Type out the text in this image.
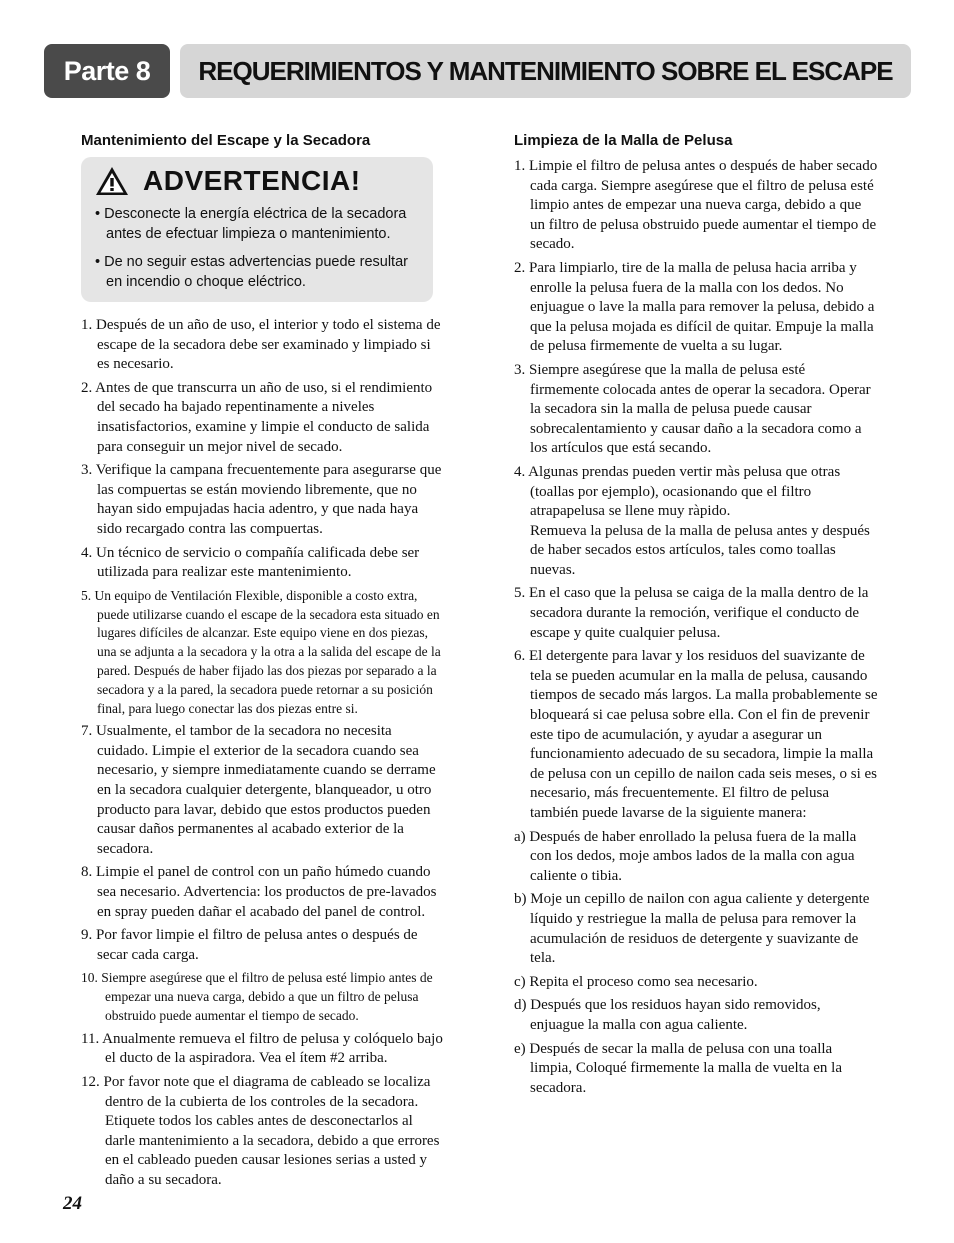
Parte 8	REQUERIMIENTOS Y MANTENIMIENTO SOBRE EL ESCAPE
Mantenimiento del Escape y la Secadora
ADVERTENCIA!
• Desconecte la energía eléctrica de la secadora antes de efectuar limpieza o mantenimiento.
• De no seguir estas advertencias puede resultar en incendio o choque eléctrico.
1. Después de un año de uso, el interior y todo el sistema de escape de la secadora debe ser examinado y limpiado si es necesario.
2. Antes de que transcurra un año de uso, si el rendimiento del secado ha bajado repentinamente a niveles insatisfactorios, examine y limpie el conducto de salida para conseguir un mejor nivel de secado.
3. Verifique la campana frecuentemente para asegurarse que las compuertas se están moviendo libremente, que no hayan sido empujadas hacia adentro, y que nada haya sido recargado contra las compuertas.
4. Un técnico de servicio o compañía calificada debe ser utilizada para realizar este mantenimiento.
5. Un equipo de Ventilación Flexible, disponible a costo extra, puede utilizarse cuando el escape de la secadora esta situado en lugares difíciles de alcanzar. Este equipo viene en dos piezas, una se adjunta a la secadora y la otra a la salida del escape de la pared. Después de haber fijado las dos piezas por separado a la secadora y a la pared, la secadora puede retornar a su posición final, para luego conectar las dos piezas entre si.
7. Usualmente, el tambor de la secadora no necesita cuidado. Limpie el exterior de la secadora cuando sea necesario, y siempre inmediatamente cuando se derrame en la secadora cualquier detergente, blanqueador, u otro producto para lavar, debido que estos productos pueden causar daños permanentes al acabado exterior de la secadora.
8. Limpie el panel de control con un paño húmedo cuando sea necesario. Advertencia: los productos de pre-lavados en spray pueden dañar el acabado del panel de control.
9. Por favor limpie el filtro de pelusa antes o después de secar cada carga.
10. Siempre asegúrese que el filtro de pelusa esté limpio antes de empezar una nueva carga, debido a que un filtro de pelusa obstruido puede aumentar el tiempo de secado.
11. Anualmente remueva el filtro de pelusa y colóquelo bajo el ducto de la aspiradora. Vea el ítem #2 arriba.
12. Por favor note que el diagrama de cableado se localiza dentro de la cubierta de los controles de la secadora. Etiquete todos los cables antes de desconectarlos al darle mantenimiento a la secadora, debido a que errores en el cableado pueden causar lesiones serias a usted y daño a su secadora.
Limpieza de la Malla de Pelusa
1. Limpie el filtro de pelusa antes o después de haber secado cada carga. Siempre asegúrese que el filtro de pelusa esté limpio antes de empezar una nueva carga, debido a que un filtro de pelusa obstruido puede aumentar el tiempo de secado.
2. Para limpiarlo, tire de la malla de pelusa hacia arriba y enrolle la pelusa fuera de la malla con los dedos. No enjuague o lave la malla para remover la pelusa, debido a que la pelusa mojada es difícil de quitar. Empuje la malla de pelusa firmemente de vuelta a su lugar.
3. Siempre asegúrese que la malla de pelusa esté firmemente colocada antes de operar la secadora. Operar la secadora sin la malla de pelusa puede causar sobrecalentamiento y causar daño a la secadora como a los artículos que está secando.
4. Algunas prendas pueden vertir màs pelusa que otras (toallas por ejemplo), ocasionando que el filtro atrapapelusa se llene muy ràpido.
Remueva la pelusa de la malla de pelusa antes y después de haber secados estos artículos, tales como toallas nuevas.
5. En el caso que la pelusa se caiga de la malla dentro de la secadora durante la remoción, verifique el conducto de escape y quite cualquier pelusa.
6. El detergente para lavar y los residuos del suavizante de tela se pueden acumular en la malla de pelusa, causando tiempos de secado más largos. La malla probablemente se bloqueará si cae pelusa sobre ella. Con el fin de prevenir este tipo de acumulación, y ayudar a asegurar un funcionamiento adecuado de su secadora, limpie la malla de pelusa con un cepillo de nailon cada seis meses, o si es necesario, más frecuentemente. El filtro de pelusa también puede lavarse de la siguiente manera:
a) Después de haber enrollado la pelusa fuera de la malla con los dedos, moje ambos lados de la malla con agua caliente o tibia.
b) Moje un cepillo de nailon con agua caliente y detergente líquido y restriegue la malla de pelusa para remover la acumulación de residuos de detergente y suavizante de tela.
c) Repita el proceso como sea necesario.
d) Después que los residuos hayan sido removidos, enjuague la malla con agua caliente.
e) Después de secar la malla de pelusa con una toalla limpia, Coloqué firmemente la malla de vuelta en la secadora.
24
